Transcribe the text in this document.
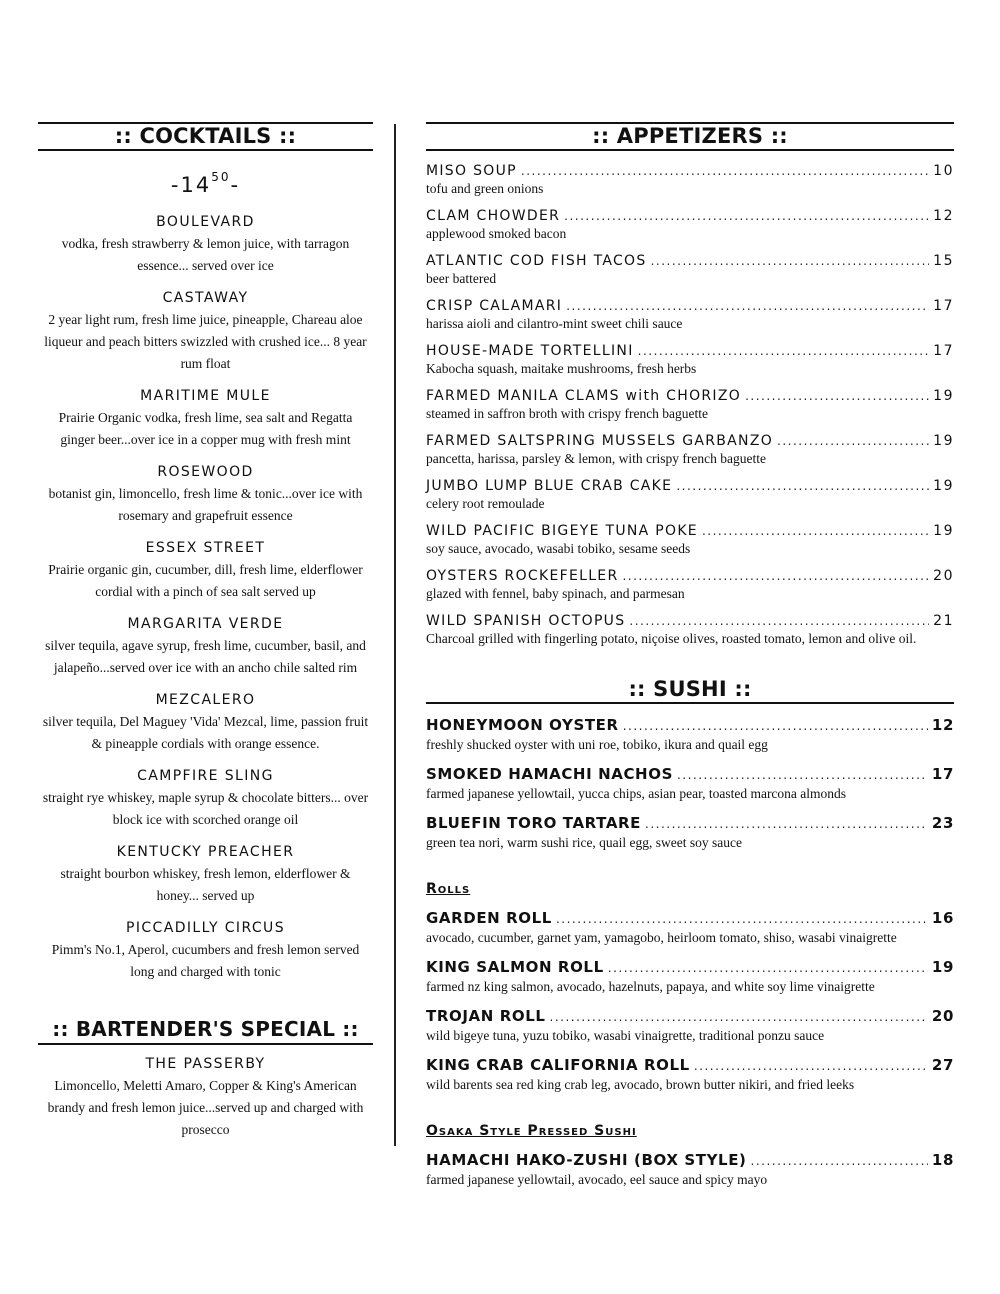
:: COCKTAILS ::
$-14^{50}-$
BOULEVARD
vodka, fresh strawberry & lemon juice, with tarragon essence... served over ice
CASTAWAY
2 year light rum, fresh lime juice, pineapple, Chareau aloe liqueur and peach bitters swizzled with crushed ice... 8 year rum float
MARITIME MULE
Prairie Organic vodka, fresh lime, sea salt and Regatta ginger beer...over ice in a copper mug with fresh mint
ROSEWOOD
botanist gin, limoncello, fresh lime & tonic...over ice with rosemary and grapefruit essence
ESSEX STREET
Prairie organic gin, cucumber, dill, fresh lime, elderflower cordial with a pinch of sea salt served up
MARGARITA VERDE
silver tequila, agave syrup, fresh lime, cucumber, basil, and jalapeño...served over ice with an ancho chile salted rim
MEZCALERO
silver tequila, Del Maguey 'Vida' Mezcal, lime, passion fruit & pineapple cordials with orange essence.
CAMPFIRE SLING
straight rye whiskey, maple syrup & chocolate bitters... over block ice with scorched orange oil
KENTUCKY PREACHER
straight bourbon whiskey, fresh lemon, elderflower & honey... served up
PICCADILLY CIRCUS
Pimm's No.1, Aperol, cucumbers and fresh lemon served long and charged with tonic
:: BARTENDER'S SPECIAL ::
THE PASSERBY
Limoncello, Meletti Amaro, Copper & King's American brandy and fresh lemon juice...served up and charged with prosecco
:: APPETIZERS ::
MISO SOUP .....	10
tofu and green onions
CLAM CHOWDER .....	12
applewood smoked bacon
ATLANTIC COD FISH TACOS .....	15
beer battered
CRISP CALAMARI .....	17
harissa aioli and cilantro-mint sweet chili sauce
HOUSE-MADE TORTELLINI .....	17
Kabocha squash, maitake mushrooms, fresh herbs
FARMED MANILA CLAMS with CHORIZO .....	19
steamed in saffron broth with crispy french baguette
FARMED SALTSPRING MUSSELS GARBANZO .....	19
pancetta, harissa, parsley & lemon, with crispy french baguette
JUMBO LUMP BLUE CRAB CAKE .....	19
celery root remoulade
WILD PACIFIC BIGEYE TUNA POKE .....	19
soy sauce, avocado, wasabi tobiko, sesame seeds
OYSTERS ROCKEFELLER .....	20
glazed with fennel, baby spinach, and parmesan
WILD SPANISH OCTOPUS .....	21
Charcoal grilled with fingerling potato, niçoise olives, roasted tomato, lemon and olive oil.
:: SUSHI ::
HONEYMOON OYSTER .....	12
freshly shucked oyster with uni roe, tobiko, ikura and quail egg
SMOKED HAMACHI NACHOS .....	17
farmed japanese yellowtail, yucca chips, asian pear, toasted marcona almonds
BLUEFIN TORO TARTARE .....	23
green tea nori, warm sushi rice, quail egg, sweet soy sauce
Rolls
GARDEN ROLL .....	16
avocado, cucumber, garnet yam, yamagobo, heirloom tomato, shiso, wasabi vinaigrette
KING SALMON ROLL .....	19
farmed nz king salmon, avocado, hazelnuts, papaya, and white soy lime vinaigrette
TROJAN ROLL .....	20
wild bigeye tuna, yuzu tobiko, wasabi vinaigrette, traditional ponzu sauce
KING CRAB CALIFORNIA ROLL .....	27
wild barents sea red king crab leg, avocado, brown butter nikiri, and fried leeks
Osaka Style Pressed Sushi
HAMACHI HAKO-ZUSHI (BOX STYLE) .....	18
farmed japanese yellowtail, avocado, eel sauce and spicy mayo
